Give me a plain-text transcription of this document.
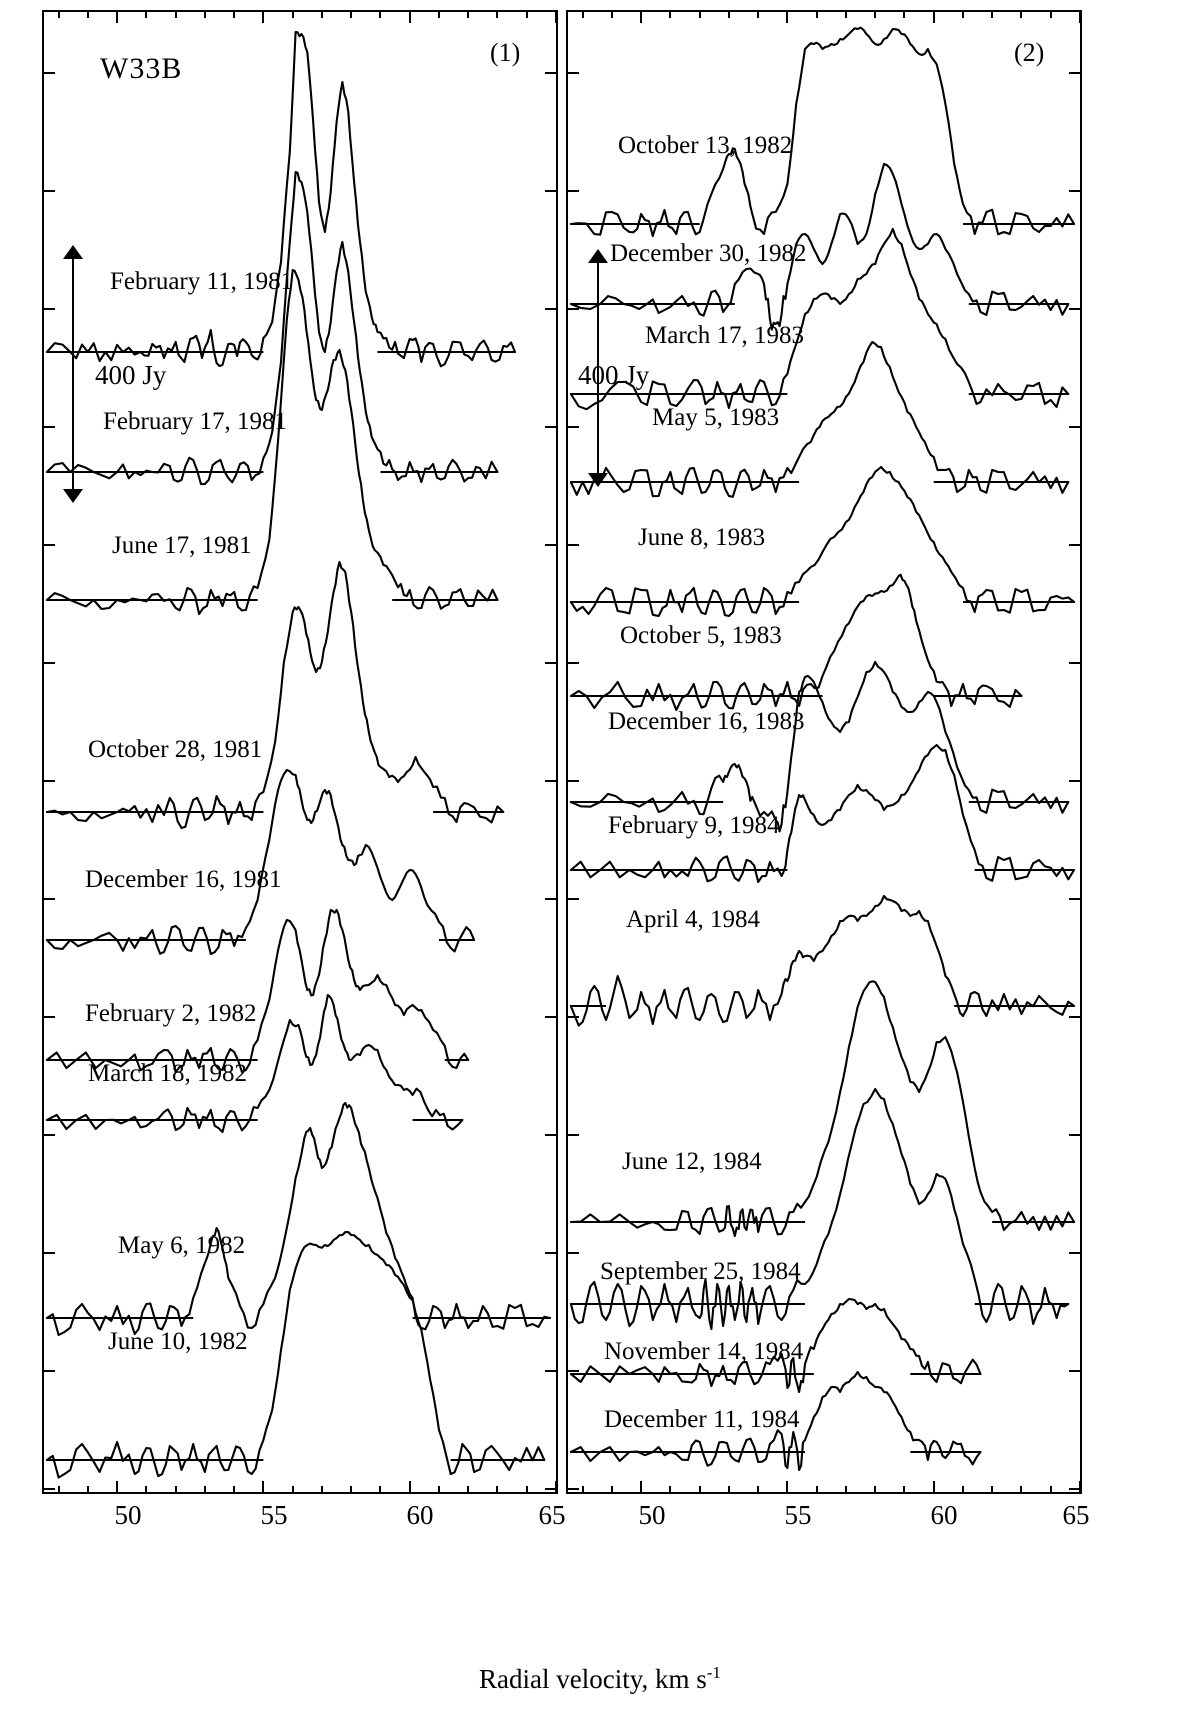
W33B	(1)
400 Jy
(2)
400 Jy
50	55	60	65	50	55	60	65
Radial velocity, km $s^{-1}$
February 11, 1981
February 17, 1981
June 17, 1981
October 28, 1981
December 16, 1981
February 2, 1982
March 18, 1982
May 6, 1982
June 10, 1982
October 13, 1982
December 30, 1982
March 17, 1983
May 5, 1983
June 8, 1983
October 5, 1983
December 16, 1983
February 9, 1984
April 4, 1984
June 12, 1984
September 25, 1984
November 14, 1984
December 11, 1984
